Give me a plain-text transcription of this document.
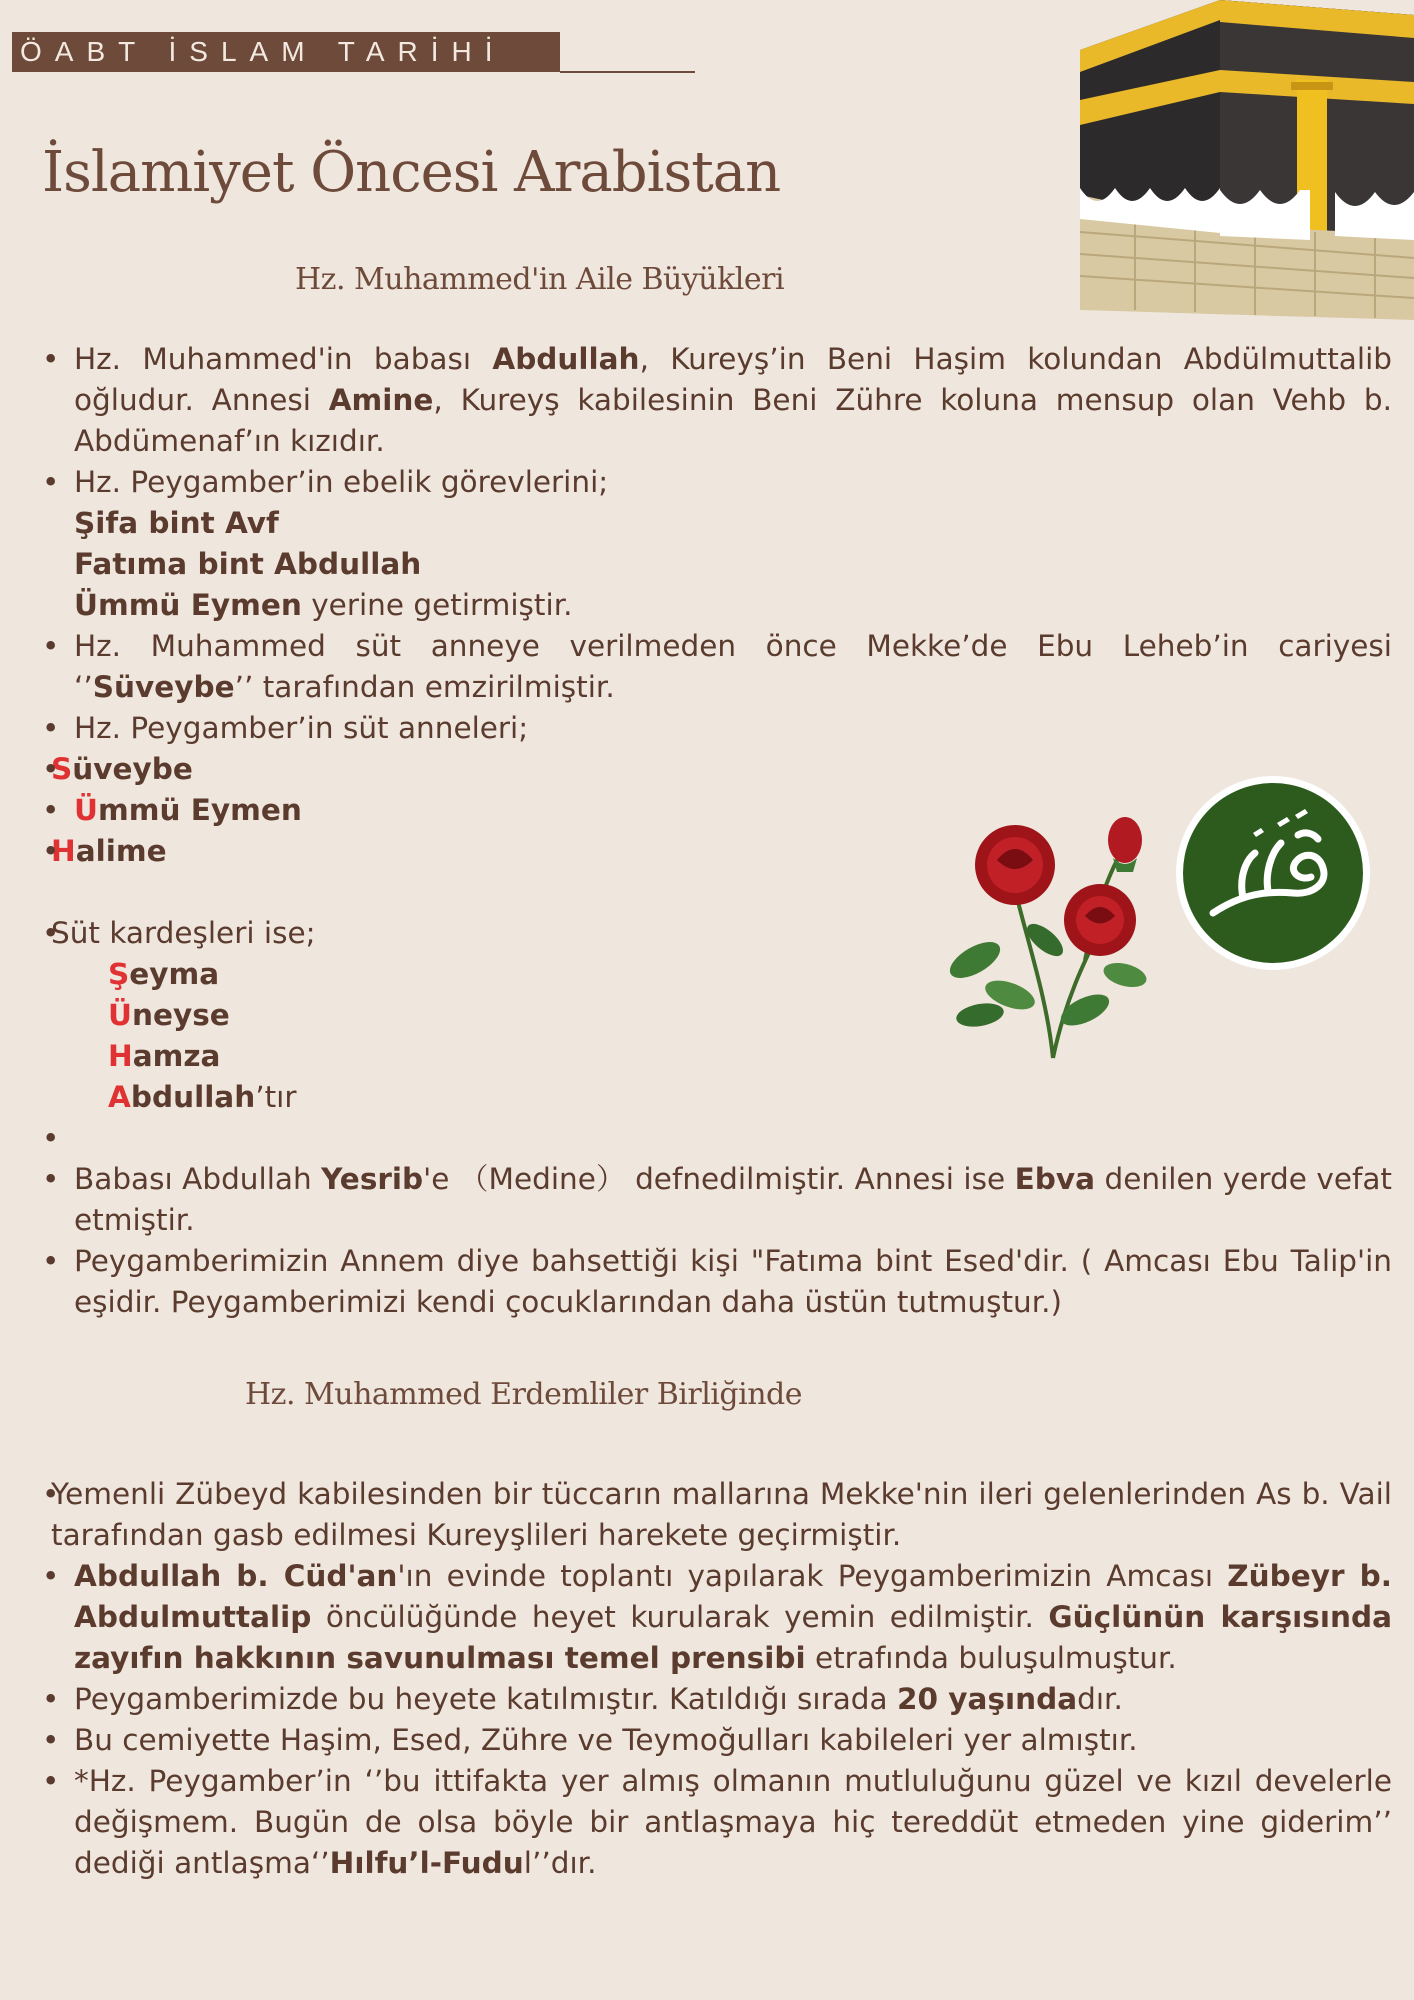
ÖABT İSLAM TARİHİ
İslamiyet Öncesi Arabistan
Hz. Muhammed'in Aile Büyükleri
• Hz. Muhammed'in babası Abdullah, Kureyş’in Beni Haşim kolundan Abdülmuttalib oğludur. Annesi Amine, Kureyş kabilesinin Beni Zühre koluna mensup olan Vehb b. Abdümenaf’ın kızıdır.
• Hz. Peygamber’in ebelik görevlerini;
Şifa bint Avf
Fatıma bint Abdullah
Ümmü Eymen yerine getirmiştir.
• Hz. Muhammed süt anneye verilmeden önce Mekke’de Ebu Leheb’in cariyesi ‘’Süveybe’’ tarafından emzirilmiştir.
• Hz. Peygamber’in süt anneleri;
• Süveybe
• Ümmü Eymen
• Halime
• Süt kardeşleri ise;
Şeyma
Üneyse
Hamza
Abdullah’tır
•
• Babası Abdullah Yesrib'e （Medine） defnedilmiştir. Annesi ise Ebva denilen yerde vefat etmiştir.
• Peygamberimizin Annem diye bahsettiği kişi "Fatıma bint Esed'dir. ( Amcası Ebu Talip'in eşidir. Peygamberimizi kendi çocuklarından daha üstün tutmuştur.)
Hz. Muhammed Erdemliler Birliğinde
• Yemenli Zübeyd kabilesinden bir tüccarın mallarına Mekke'nin ileri gelenlerinden As b. Vail tarafından gasb edilmesi Kureyşlileri harekete geçirmiştir.
• Abdullah b. Cüd'an'ın evinde toplantı yapılarak Peygamberimizin Amcası Zübeyr b. Abdulmuttalip öncülüğünde heyet kurularak yemin edilmiştir. Güçlünün karşısında zayıfın hakkının savunulması temel prensibi etrafında buluşulmuştur.
• Peygamberimizde bu heyete katılmıştır. Katıldığı sırada 20 yaşındadır.
• Bu cemiyette Haşim, Esed, Zühre ve Teymoğulları kabileleri yer almıştır.
• *Hz. Peygamber’in ‘’bu ittifakta yer almış olmanın mutluluğunu güzel ve kızıl develerle değişmem. Bugün de olsa böyle bir antlaşmaya hiç tereddüt etmeden yine giderim’’ dediği antlaşma‘’Hılfu’l-Fudul’’dır.
